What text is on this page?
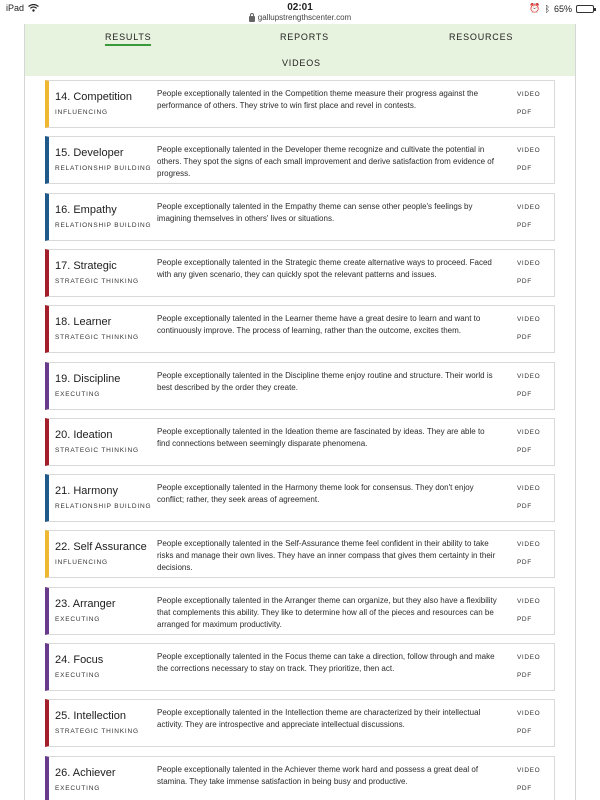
iPad	02:01
gallupstrengthscenter.com
⏰ ᛒ 65%
RESULTS	REPORTS	RESOURCES
VIDEOS
14. Competition
INFLUENCING
People exceptionally talented in the Competition theme measure their progress against the performance of others. They strive to win first place and revel in contests.
VIDEO
PDF
15. Developer
RELATIONSHIP BUILDING
People exceptionally talented in the Developer theme recognize and cultivate the potential in others. They spot the signs of each small improvement and derive satisfaction from evidence of progress.
VIDEO
PDF
16. Empathy
RELATIONSHIP BUILDING
People exceptionally talented in the Empathy theme can sense other people's feelings by imagining themselves in others' lives or situations.
VIDEO
PDF
17. Strategic
STRATEGIC THINKING
People exceptionally talented in the Strategic theme create alternative ways to proceed. Faced with any given scenario, they can quickly spot the relevant patterns and issues.
VIDEO
PDF
18. Learner
STRATEGIC THINKING
People exceptionally talented in the Learner theme have a great desire to learn and want to continuously improve. The process of learning, rather than the outcome, excites them.
VIDEO
PDF
19. Discipline
EXECUTING
People exceptionally talented in the Discipline theme enjoy routine and structure. Their world is best described by the order they create.
VIDEO
PDF
20. Ideation
STRATEGIC THINKING
People exceptionally talented in the Ideation theme are fascinated by ideas. They are able to find connections between seemingly disparate phenomena.
VIDEO
PDF
21. Harmony
RELATIONSHIP BUILDING
People exceptionally talented in the Harmony theme look for consensus. They don't enjoy conflict; rather, they seek areas of agreement.
VIDEO
PDF
22. Self Assurance
INFLUENCING
People exceptionally talented in the Self-Assurance theme feel confident in their ability to take risks and manage their own lives. They have an inner compass that gives them certainty in their decisions.
VIDEO
PDF
23. Arranger
EXECUTING
People exceptionally talented in the Arranger theme can organize, but they also have a flexibility that complements this ability. They like to determine how all of the pieces and resources can be arranged for maximum productivity.
VIDEO
PDF
24. Focus
EXECUTING
People exceptionally talented in the Focus theme can take a direction, follow through and make the corrections necessary to stay on track. They prioritize, then act.
VIDEO
PDF
25. Intellection
STRATEGIC THINKING
People exceptionally talented in the Intellection theme are characterized by their intellectual activity. They are introspective and appreciate intellectual discussions.
VIDEO
PDF
26. Achiever
EXECUTING
People exceptionally talented in the Achiever theme work hard and possess a great deal of stamina. They take immense satisfaction in being busy and productive.
VIDEO
PDF
